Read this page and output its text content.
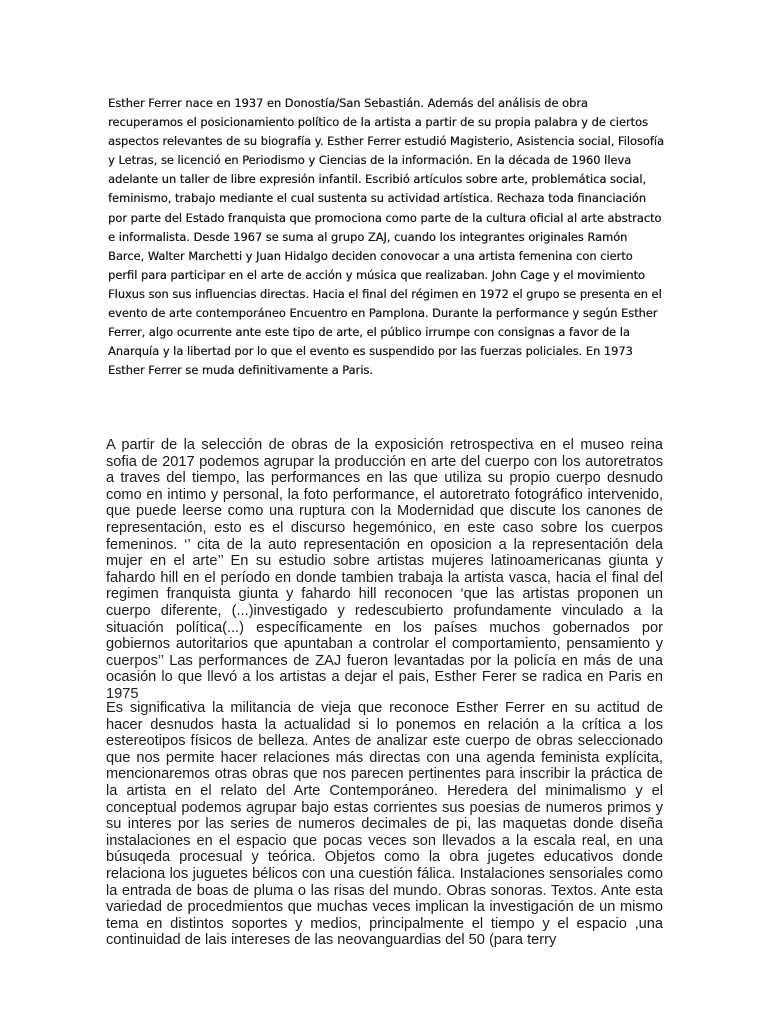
Esther Ferrer nace en 1937 en Donostía/San Sebastián. Además del análisis de obra recuperamos el posicionamiento político de la artista a partir de su propia palabra y de ciertos aspectos relevantes de su biografía y. Esther Ferrer estudió Magisterio, Asistencia social, Filosofía y Letras, se licenció en Periodismo y Ciencias de la información. En la década de 1960 lleva adelante un taller de libre expresión infantil. Escribió artículos sobre arte, problemática social, feminismo, trabajo mediante el cual sustenta su actividad artística. Rechaza toda financiación por parte del Estado franquista que promociona como parte de la cultura oficial al arte abstracto e informalista. Desde 1967 se suma al grupo ZAJ, cuando los integrantes originales Ramón Barce, Walter Marchetti y Juan Hidalgo deciden conovocar a una artista femenina con cierto perfil para participar en el arte de acción y música que realizaban. John Cage y el movimiento Fluxus son sus influencias directas. Hacia el final del régimen en 1972 el grupo se presenta en el evento de arte contemporáneo Encuentro en Pamplona. Durante la performance y según Esther Ferrer, algo ocurrente ante este tipo de arte, el público irrumpe con consignas a favor de la Anarquía y la libertad por lo que el evento es suspendido por las fuerzas policiales. En 1973 Esther Ferrer se muda definitivamente a Paris.

A partir de la selección de obras de la exposición retrospectiva en el museo reina sofia de 2017 podemos agrupar la producción en arte del cuerpo con los autoretratos a traves del tiempo, las performances en las que utiliza su propio cuerpo desnudo como en intimo y personal, la foto performance, el autoretrato fotográfico intervenido, que puede leerse como una ruptura con la Modernidad que discute los canones de representación, esto es el discurso hegemónico, en este caso sobre los cuerpos femeninos. ‘’ cita de la auto representación en oposicion a la representación dela mujer en el arte’’ En su estudio sobre artistas mujeres latinoamericanas giunta y fahardo hill en el período en donde tambien trabaja la artista vasca, hacia el final del regimen franquista giunta y fahardo hill reconocen ‘que las artistas proponen un cuerpo diferente, (...)investigado y redescubierto profundamente vinculado a la situación política(...) específicamente en los países muchos gobernados por gobiernos autoritarios que apuntaban a controlar el comportamiento, pensamiento y cuerpos’’ Las performances de ZAJ fueron levantadas por la policía en más de una ocasión lo que llevó a los artistas a dejar el pais, Esther Ferer se radica en Paris en 1975

Es significativa la militancia de vieja que reconoce Esther Ferrer en su actitud de hacer desnudos hasta la actualidad si lo ponemos en relación a la crítica a los estereotipos físicos de belleza. Antes de analizar este cuerpo de obras seleccionado que nos permite hacer relaciones más directas con una agenda feminista explícita, mencionaremos otras obras que nos parecen pertinentes para inscribir la práctica de la artista en el relato del Arte Contemporáneo. Heredera del minimalismo y el conceptual podemos agrupar bajo estas corrientes sus poesias de numeros primos y su interes por las series de numeros decimales de pi, las maquetas donde diseña instalaciones en el espacio que pocas veces son llevados a la escala real, en una búsuqeda procesual y teórica. Objetos como la obra jugetes educativos donde relaciona los juguetes bélicos con una cuestión fálica. Instalaciones sensoriales como la entrada de boas de pluma o las risas del mundo. Obras sonoras. Textos. Ante esta variedad de procedmientos que muchas veces implican la investigación de un mismo tema en distintos soportes y medios, principalmente el tiempo y el espacio ,una continuidad de lais intereses de las neovanguardias del 50 (para terry
